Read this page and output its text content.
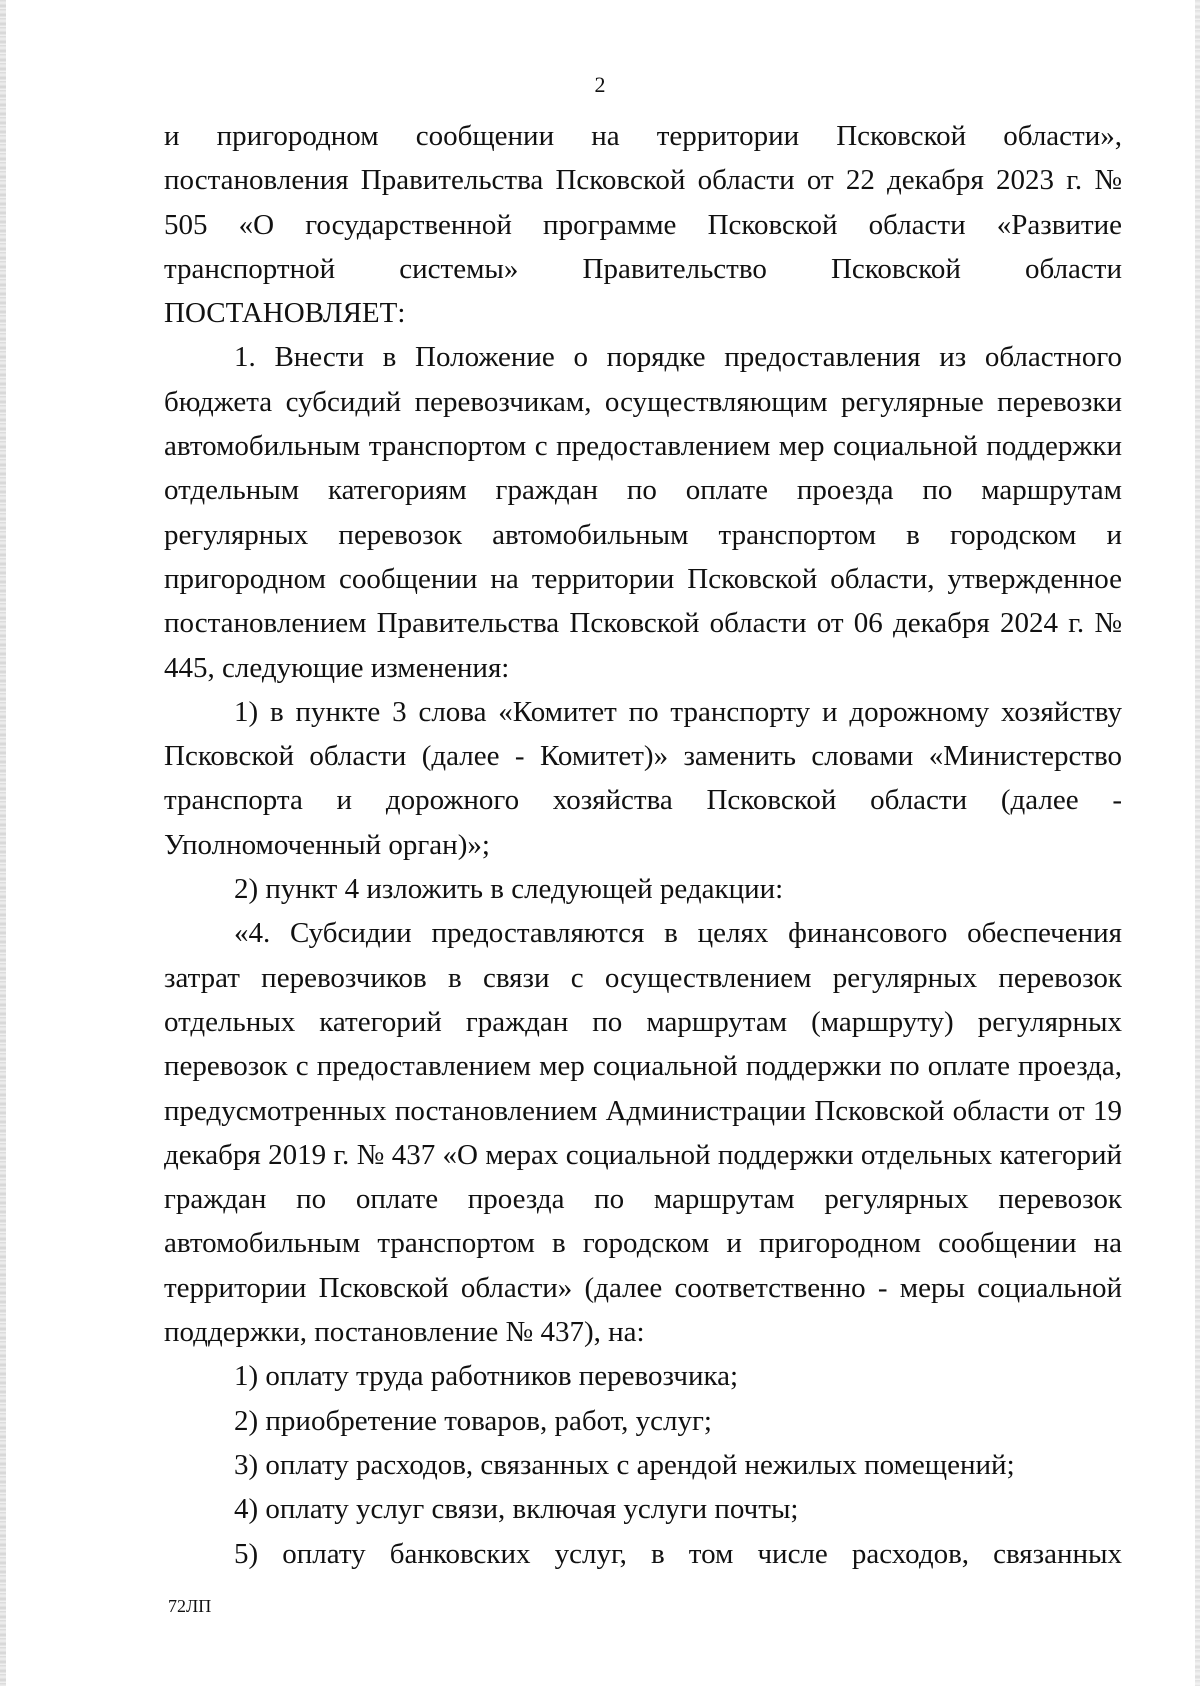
2

и пригородном сообщении на территории Псковской области», постановления Правительства Псковской области от 22 декабря 2023 г. № 505 «О государственной программе Псковской области «Развитие транспортной системы» Правительство Псковской области ПОСТАНОВЛЯЕТ:

1. Внести в Положение о порядке предоставления из областного бюджета субсидий перевозчикам, осуществляющим регулярные перевозки автомобильным транспортом с предоставлением мер социальной поддержки отдельным категориям граждан по оплате проезда по маршрутам регулярных перевозок автомобильным транспортом в городском и пригородном сообщении на территории Псковской области, утвержденное постановлением Правительства Псковской области от 06 декабря 2024 г. № 445, следующие изменения:

1) в пункте 3 слова «Комитет по транспорту и дорожному хозяйству Псковской области (далее - Комитет)» заменить словами «Министерство транспорта и дорожного хозяйства Псковской области (далее - Уполномоченный орган)»;

2) пункт 4 изложить в следующей редакции:

«4. Субсидии предоставляются в целях финансового обеспечения затрат перевозчиков в связи с осуществлением регулярных перевозок отдельных категорий граждан по маршрутам (маршруту) регулярных перевозок с предоставлением мер социальной поддержки по оплате проезда, предусмотренных постановлением Администрации Псковской области от 19 декабря 2019 г. № 437 «О мерах социальной поддержки отдельных категорий граждан по оплате проезда по маршрутам регулярных перевозок автомобильным транспортом в городском и пригородном сообщении на территории Псковской области» (далее соответственно - меры социальной поддержки, постановление № 437), на:

1) оплату труда работников перевозчика;

2) приобретение товаров, работ, услуг;

3) оплату расходов, связанных с арендой нежилых помещений;

4) оплату услуг связи, включая услуги почты;

5) оплату банковских услуг, в том числе расходов, связанных

72ЛП
